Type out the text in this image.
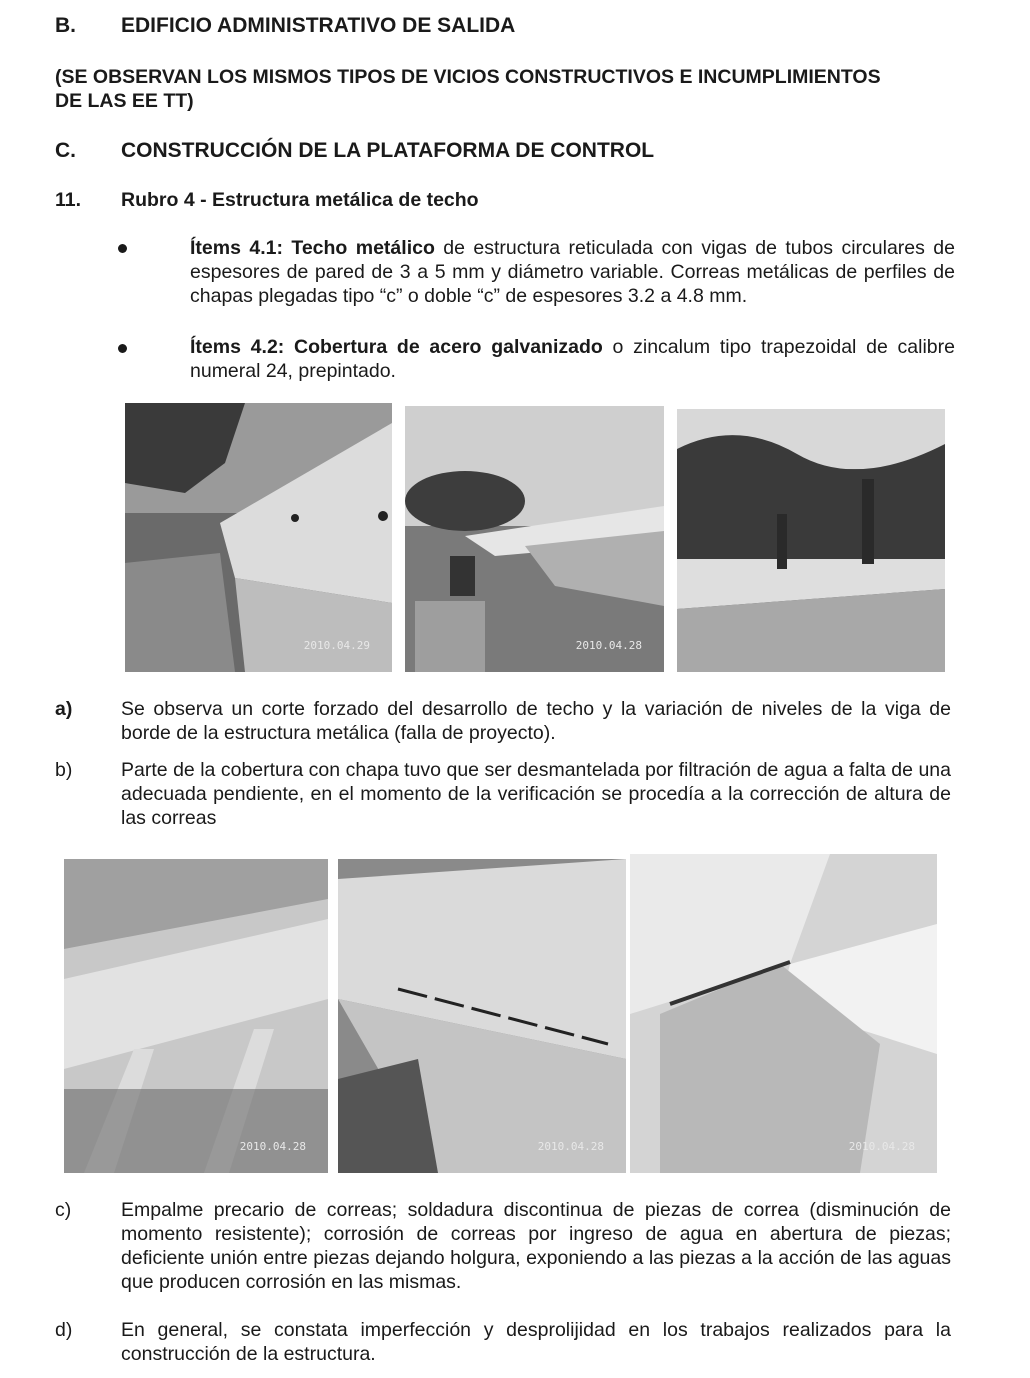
B. EDIFICIO ADMINISTRATIVO DE SALIDA
(SE OBSERVAN LOS MISMOS TIPOS DE VICIOS CONSTRUCTIVOS E INCUMPLIMIENTOS
DE LAS EE TT)
C. CONSTRUCCIÓN DE LA PLATAFORMA DE CONTROL
11. Rubro 4 - Estructura metálica de techo
Ítems 4.1: Techo metálico de estructura reticulada con vigas de tubos circulares de espesores de pared de 3 a 5 mm y diámetro variable. Correas metálicas de perfiles de chapas plegadas tipo “c” o doble “c” de espesores 3.2 a 4.8 mm.
Ítems 4.2: Cobertura de acero galvanizado o zincalum tipo trapezoidal de calibre numeral 24, prepintado.
2010.04.29	2010.04.28
a) Se observa un corte forzado del desarrollo de techo y la variación de niveles de la viga de borde de la estructura metálica (falla de proyecto).
b) Parte de la cobertura con chapa tuvo que ser desmantelada por filtración de agua a falta de una adecuada pendiente, en el momento de la verificación se procedía a la corrección de altura de las correas
2010.04.28	2010.04.28	2010.04.28
c)	Empalme precario de correas; soldadura discontinua de piezas de correa (disminución de momento resistente); corrosión de correas por ingreso de agua en abertura de piezas; deficiente unión entre piezas dejando holgura, exponiendo a las piezas a la acción de las aguas que producen corrosión en las mismas.
d) En general, se constata imperfección y desprolijidad en los trabajos realizados para la construcción de la estructura.
